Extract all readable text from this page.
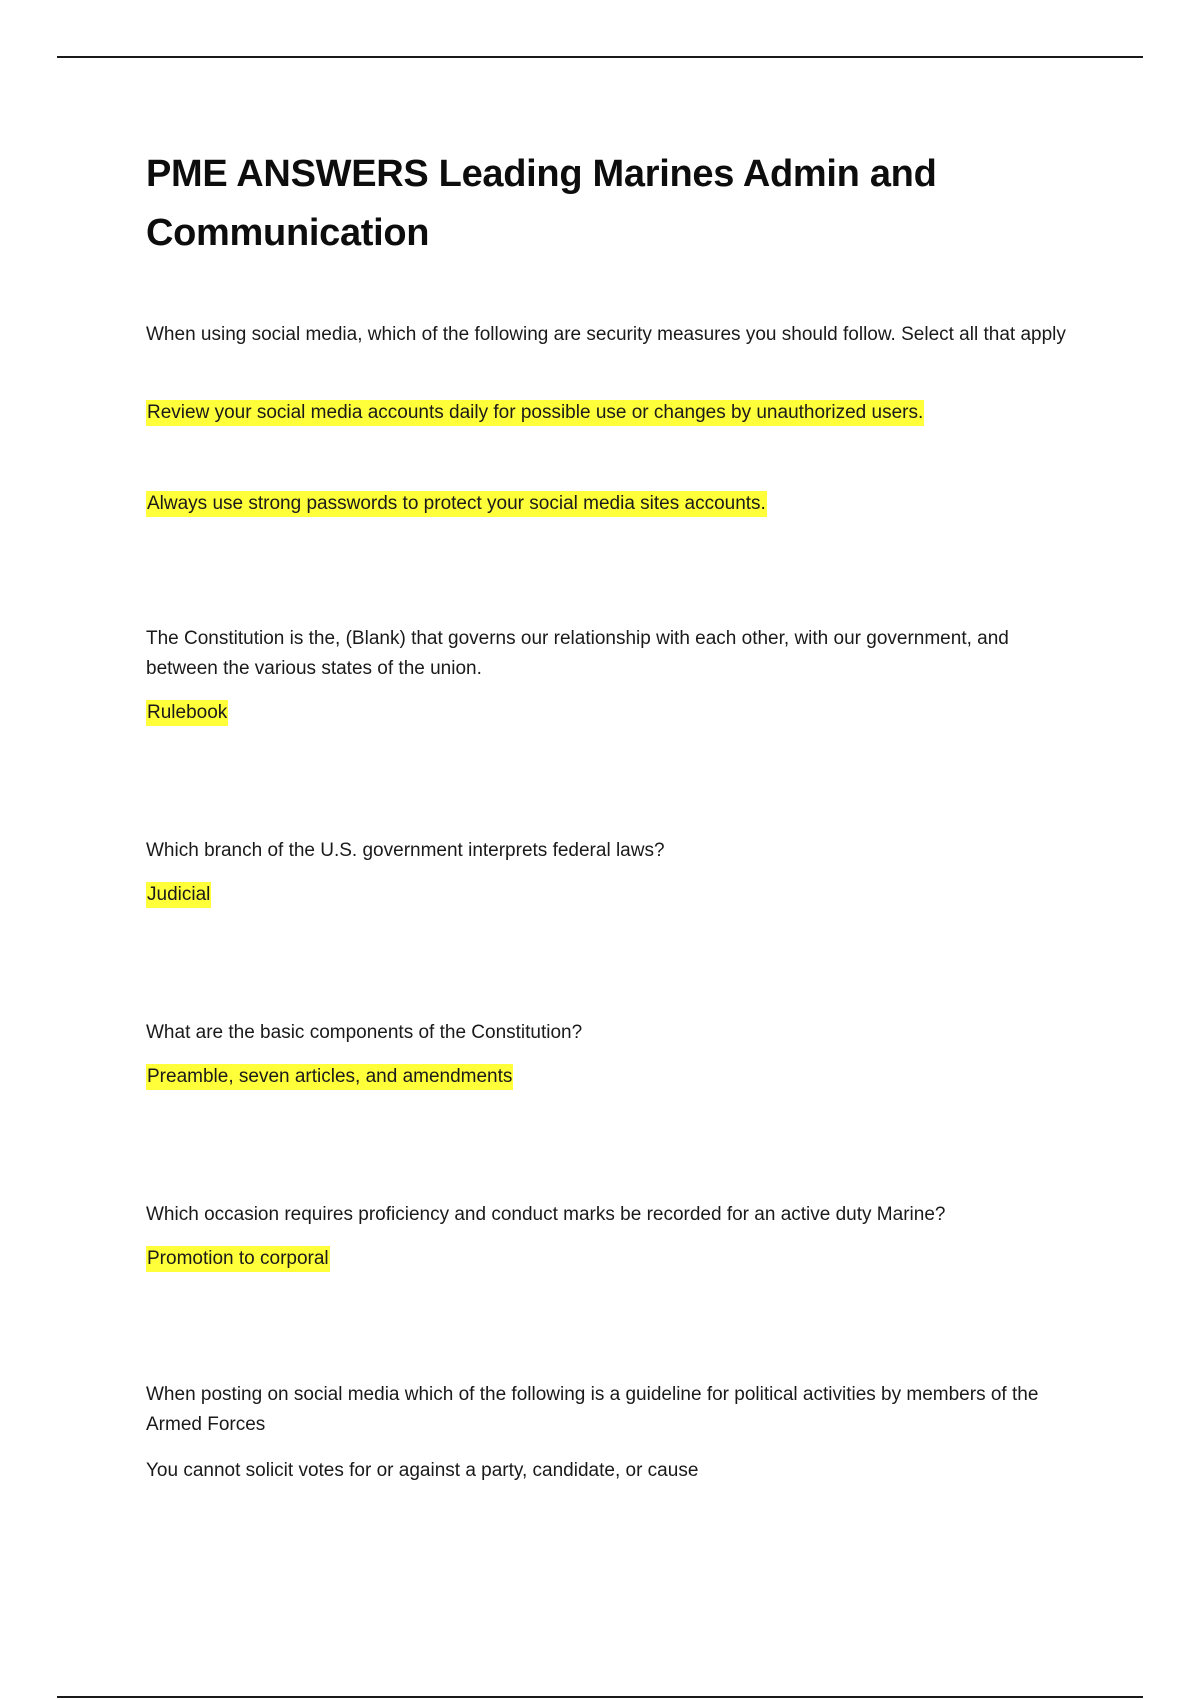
PME ANSWERS Leading Marines Admin and Communication

When using social media, which of the following are security measures you should follow. Select all that apply

Review your social media accounts daily for possible use or changes by unauthorized users.

Always use strong passwords to protect your social media sites accounts.

The Constitution is the, (Blank) that governs our relationship with each other, with our government, and between the various states of the union.

Rulebook

Which branch of the U.S. government interprets federal laws?

Judicial

What are the basic components of the Constitution?

Preamble, seven articles, and amendments

Which occasion requires proficiency and conduct marks be recorded for an active duty Marine?

Promotion to corporal

When posting on social media which of the following is a guideline for political activities by members of the Armed Forces

You cannot solicit votes for or against a party, candidate, or cause
